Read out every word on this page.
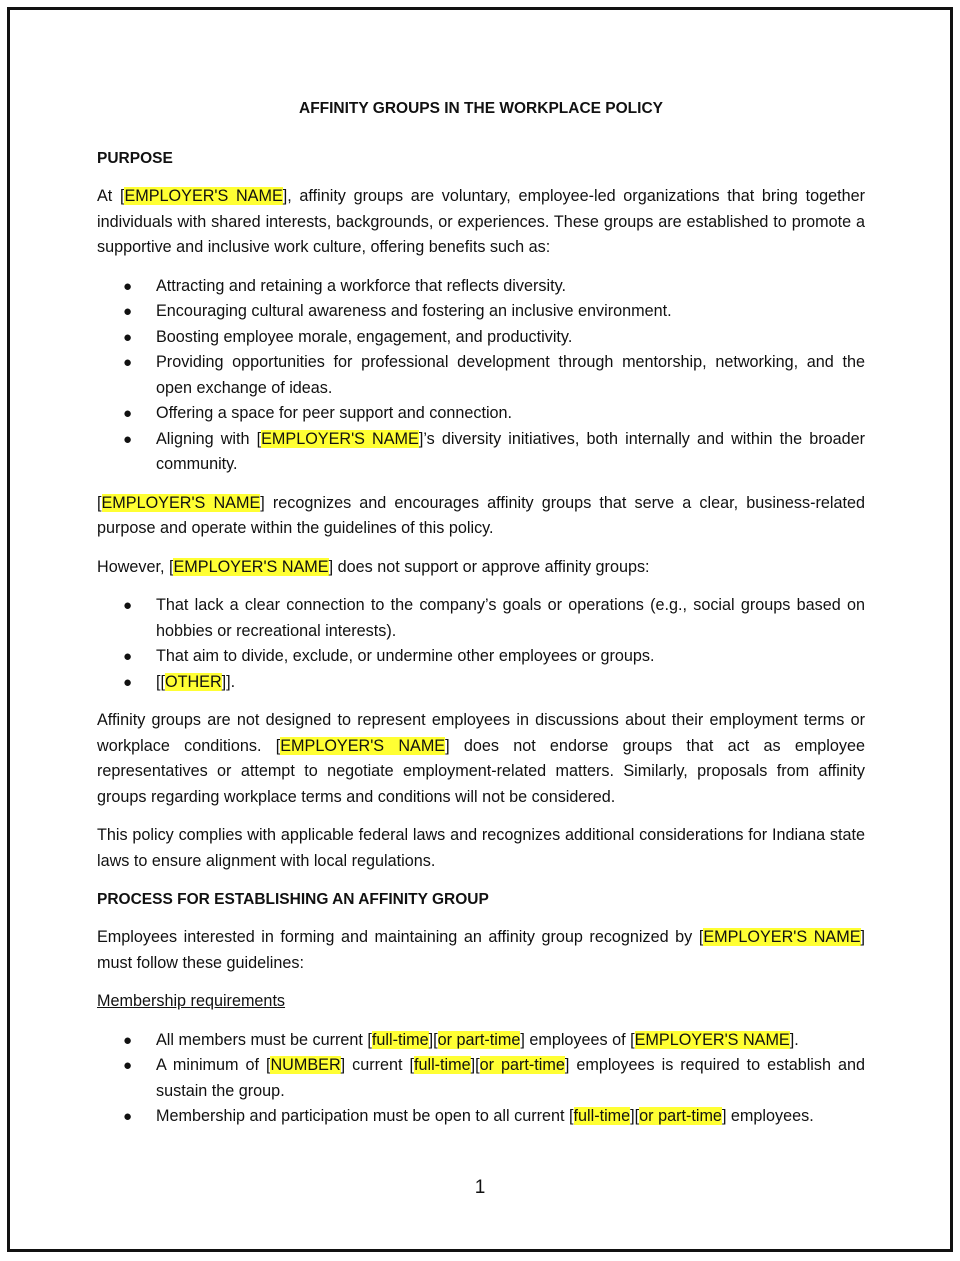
AFFINITY GROUPS IN THE WORKPLACE POLICY
PURPOSE

At [EMPLOYER'S NAME], affinity groups are voluntary, employee-led organizations that bring together individuals with shared interests, backgrounds, or experiences. These groups are established to promote a supportive and inclusive work culture, offering benefits such as:

● Attracting and retaining a workforce that reflects diversity.
● Encouraging cultural awareness and fostering an inclusive environment.
● Boosting employee morale, engagement, and productivity.
● Providing opportunities for professional development through mentorship, networking, and the open exchange of ideas.
● Offering a space for peer support and connection.
● Aligning with [EMPLOYER'S NAME]’s diversity initiatives, both internally and within the broader community.

[EMPLOYER'S NAME] recognizes and encourages affinity groups that serve a clear, business-related purpose and operate within the guidelines of this policy.

However, [EMPLOYER'S NAME] does not support or approve affinity groups:

● That lack a clear connection to the company’s goals or operations (e.g., social groups based on hobbies or recreational interests).
● That aim to divide, exclude, or undermine other employees or groups.
● [[OTHER]].

Affinity groups are not designed to represent employees in discussions about their employment terms or workplace conditions. [EMPLOYER'S NAME] does not endorse groups that act as employee representatives or attempt to negotiate employment-related matters. Similarly, proposals from affinity groups regarding workplace terms and conditions will not be considered.

This policy complies with applicable federal laws and recognizes additional considerations for Indiana state laws to ensure alignment with local regulations.

PROCESS FOR ESTABLISHING AN AFFINITY GROUP

Employees interested in forming and maintaining an affinity group recognized by [EMPLOYER'S NAME] must follow these guidelines:

Membership requirements
● All members must be current [full-time][or part-time] employees of [EMPLOYER'S NAME].
● A minimum of [NUMBER] current [full-time][or part-time] employees is required to establish and sustain the group.
● Membership and participation must be open to all current [full-time][or part-time] employees.
1
